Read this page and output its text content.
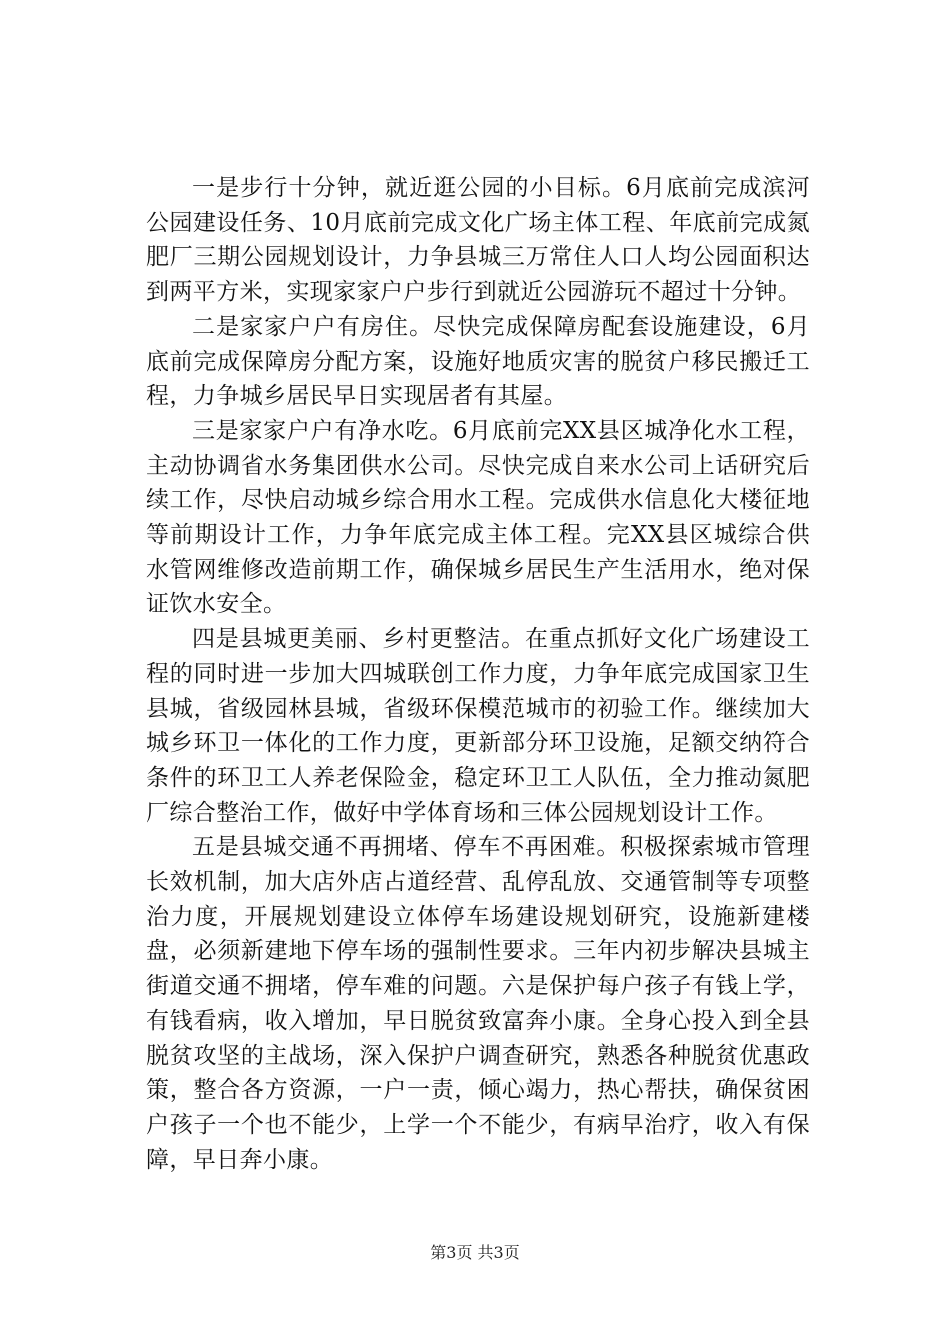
一是步行十分钟，就近逛公园的小目标。6月底前完成滨河公园建设任务、10月底前完成文化广场主体工程、年底前完成氮肥厂三期公园规划设计，力争县城三万常住人口人均公园面积达到两平方米，实现家家户户步行到就近公园游玩不超过十分钟。

二是家家户户有房住。尽快完成保障房配套设施建设，6月底前完成保障房分配方案，设施好地质灾害的脱贫户移民搬迁工程，力争城乡居民早日实现居者有其屋。

三是家家户户有净水吃。6月底前完XX县区城净化水工程，主动协调省水务集团供水公司。尽快完成自来水公司上话研究后续工作，尽快启动城乡综合用水工程。完成供水信息化大楼征地等前期设计工作，力争年底完成主体工程。完XX县区城综合供水管网维修改造前期工作，确保城乡居民生产生活用水，绝对保证饮水安全。

四是县城更美丽、乡村更整洁。在重点抓好文化广场建设工程的同时进一步加大四城联创工作力度，力争年底完成国家卫生县城，省级园林县城，省级环保模范城市的初验工作。继续加大城乡环卫一体化的工作力度，更新部分环卫设施，足额交纳符合条件的环卫工人养老保险金，稳定环卫工人队伍，全力推动氮肥厂综合整治工作，做好中学体育场和三体公园规划设计工作。

五是县城交通不再拥堵、停车不再困难。积极探索城市管理长效机制，加大店外店占道经营、乱停乱放、交通管制等专项整治力度，开展规划建设立体停车场建设规划研究，设施新建楼盘，必须新建地下停车场的强制性要求。三年内初步解决县城主街道交通不拥堵，停车难的问题。六是保护每户孩子有钱上学，有钱看病，收入增加，早日脱贫致富奔小康。全身心投入到全县脱贫攻坚的主战场，深入保护户调查研究，熟悉各种脱贫优惠政策，整合各方资源，一户一责，倾心竭力，热心帮扶，确保贫困户孩子一个也不能少，上学一个不能少，有病早治疗，收入有保障，早日奔小康。

第3页 共3页
